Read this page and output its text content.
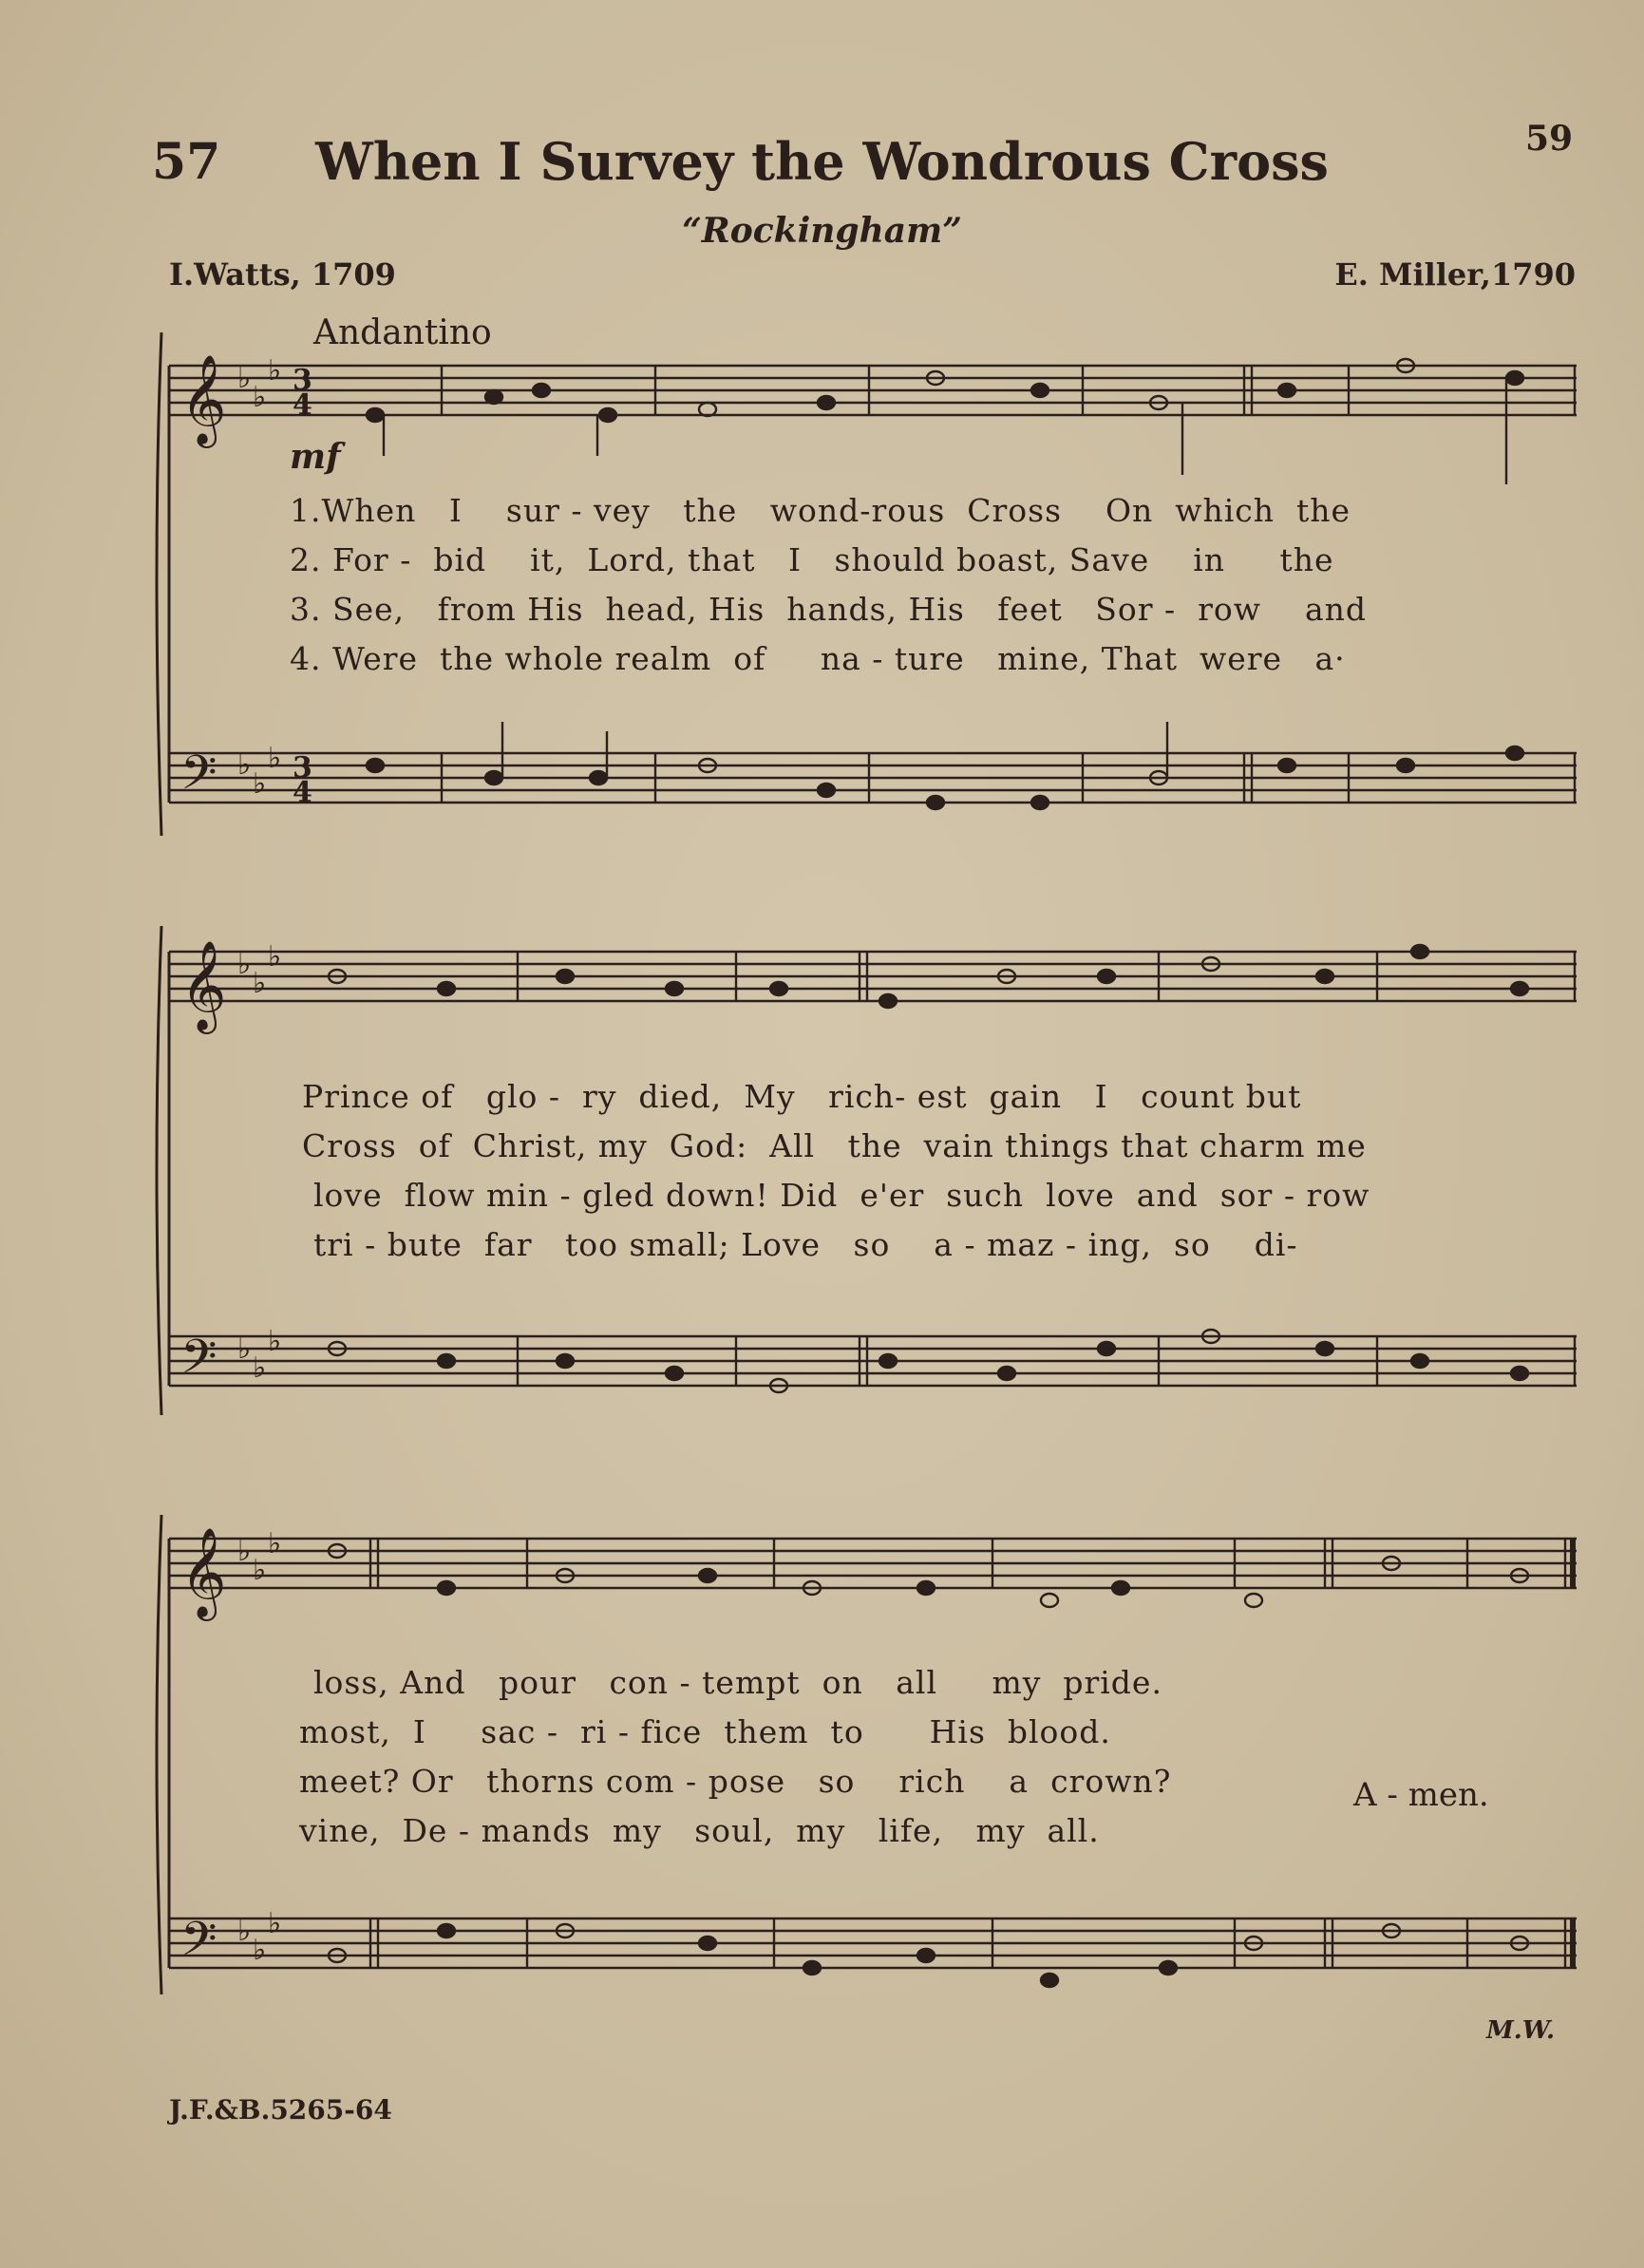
57	When I Survey the Wondrous Cross	59
“Rockingham”
I.Watts, 1709	E. Miller,1790
Andantino
mf
𝄞
𝄢
𝄞
𝄢
𝄞
𝄢
♭
♭
♭
♭
♭
♭
♭
♭
♭
♭
♭
♭
♭
♭
♭
♭
♭
♭
3
4
3
4
1.When   I    sur - vey   the   wond-rous  Cross    On  which  the
2. For -  bid    it,  Lord, that   I   should boast, Save    in     the
3. See,   from His  head, His  hands, His   feet   Sor -  row    and
4. Were  the whole realm  of     na - ture   mine, That  were   a·
Prince of   glo -  ry  died,  My   rich- est  gain   I   count but
Cross  of  Christ, my  God:  All   the  vain things that charm me
love  flow min - gled down! Did  e'er  such  love  and  sor - row
tri - bute  far   too small; Love   so    a - maz - ing,  so    di-
loss, And   pour   con - tempt  on   all     my  pride.
most,  I     sac -  ri - fice  them  to      His  blood.
meet? Or   thorns com - pose   so    rich    a  crown?
vine,  De - mands  my   soul,  my   life,   my  all.
A - men.
M.W.
J.F.&B.5265-64
